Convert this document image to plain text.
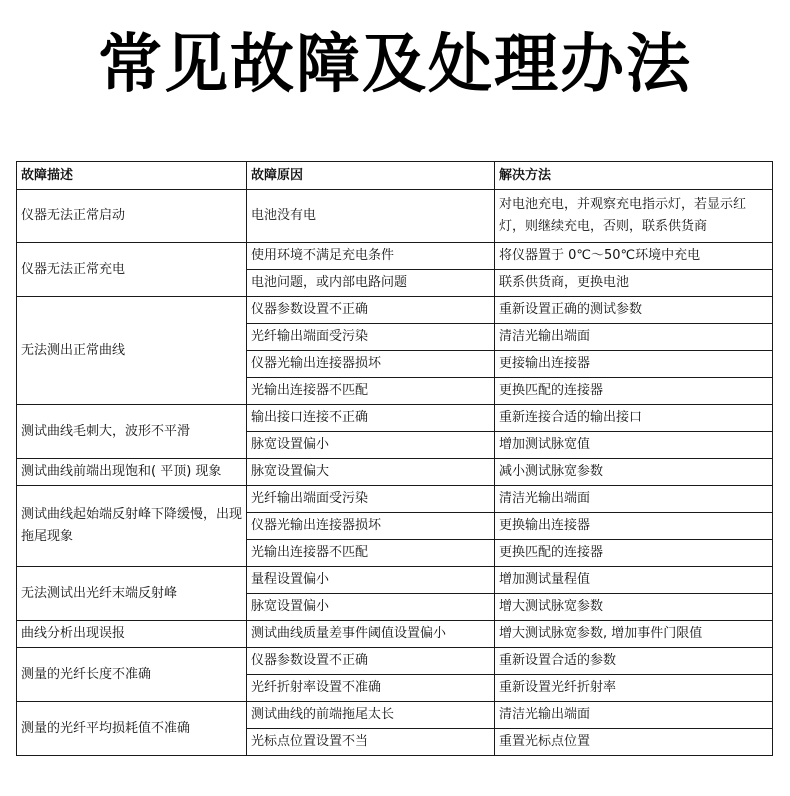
常见故障及处理办法
故障描述	故障原因	解决方法
仪器无法正常启动	电池没有电	对电池充电，并观察充电指示灯，若显示红灯，则继续充电，否则，联系供货商
仪器无法正常充电	使用环境不满足充电条件	将仪器置于 0℃～50℃环境中充电
	电池问题，或内部电路问题	联系供货商，更换电池
无法测出正常曲线	仪器参数设置不正确	重新设置正确的测试参数
	光纤输出端面受污染	清洁光输出端面
	仪器光输出连接器损坏	更接输出连接器
	光输出连接器不匹配	更换匹配的连接器
测试曲线毛刺大，波形不平滑	输出接口连接不正确	重新连接合适的输出接口
	脉宽设置偏小	增加测试脉宽值
测试曲线前端出现饱和( 平顶) 现象	脉宽设置偏大	减小测试脉宽参数
测试曲线起始端反射峰下降缓慢，出现拖尾现象	光纤输出端面受污染	清洁光输出端面
	仪器光输出连接器损坏	更换输出连接器
	光输出连接器不匹配	更换匹配的连接器
无法测试出光纤末端反射峰	量程设置偏小	增加测试量程值
	脉宽设置偏小	增大测试脉宽参数
曲线分析出现误报	测试曲线质量差事件阈值设置偏小	增大测试脉宽参数, 增加事件门限值
测量的光纤长度不准确	仪器参数设置不正确	重新设置合适的参数
	光纤折射率设置不准确	重新设置光纤折射率
测量的光纤平均损耗值不准确	测试曲线的前端拖尾太长	清洁光输出端面
	光标点位置设置不当	重置光标点位置
